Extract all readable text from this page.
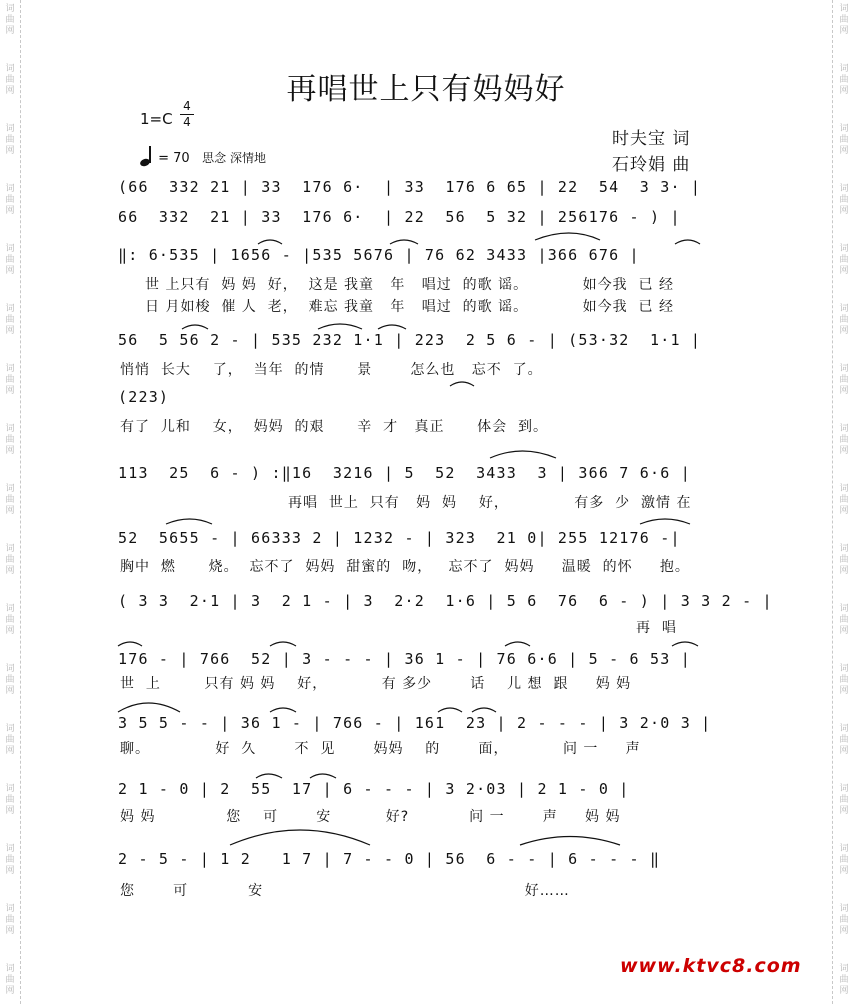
词
曲
网
词
曲
网
词
曲
网
词
曲
网
词
曲
网
词
曲
网
词
曲
网
词
曲
网
词
曲
网
词
曲
网
词
曲
网
词
曲
网
词
曲
网
词
曲
网
词
曲
网
词
曲
网
词
曲
网
词
曲
网
词
曲
网
词
曲
网
词
曲
网
词
曲
网
词
曲
网
词
曲
网
词
曲
网
词
曲
网
词
曲
网
词
曲
网
词
曲
网
词
曲
网
词
曲
网
词
曲
网
词
曲
网
词
曲
网
再唱世上只有妈妈好
1=C
4
4
= 70 思念 深情地
时夫宝 词
石玲娟 曲
(66  332 21 | 33  176 6·  | 33  176 6 65 | 22  54  3 3· |
66  332  21 | 33  176 6·  | 22  56  5 32 | 256176 - ) |
‖: 6·535 | 1656 - |535 5676 | 76 62 3433 |366 676 |
56  5 56 2 - | 535 232 1·1 | 223  2 5 6 - | (53·32  1·1 |
(223)
113  25  6 - ) :‖16  3216 | 5  52  3433  3 | 366 7 6·6 |
52  5655 - | 66333 2 | 1232 - | 323  21 0| 255 12176 -|
( 3 3  2·1 | 3  2 1 - | 3  2·2  1·6 | 5 6  76  6 - ) | 3 3 2 - |
176 - | 766  52 | 3 - - - | 36 1 - | 76 6·6 | 5 - 6 53 |
3 5 5 - - | 36 1 - | 766 - | 161  23 | 2 - - - | 3 2·0 3 |
2 1 - 0 | 2  55  17 | 6 - - - | 3 2·03 | 2 1 - 0 |
2 - 5 - | 1 2   1 7 | 7 - - 0 | 56  6 - - | 6 - - - ‖
世 上只有  妈 妈  好，  这是 我童   年   唱过  的歌 谣。          如今我  已 经
日 月如梭  催 人  老，  难忘 我童   年   唱过  的歌 谣。          如今我  已 经
悄悄  长大    了，  当年  的情      景       怎么也   忘不  了。
有了  儿和    女，  妈妈  的艰      辛  才   真正      体会  到。
再唱  世上  只有   妈  妈    好，            有多  少  激情 在
胸中  燃      烧。  忘不了  妈妈  甜蜜的  吻，   忘不了  妈妈     温暖  的怀     抱。
再  唱
世  上        只有 妈 妈    好，          有 多少       话    儿 想  跟     妈 妈
聊。            好  久       不  见       妈妈    的       面，          问 一     声
妈 妈             您    可       安          好?           问 一       声     妈 妈
您       可           安                                                好……
www.ktvc8.com
